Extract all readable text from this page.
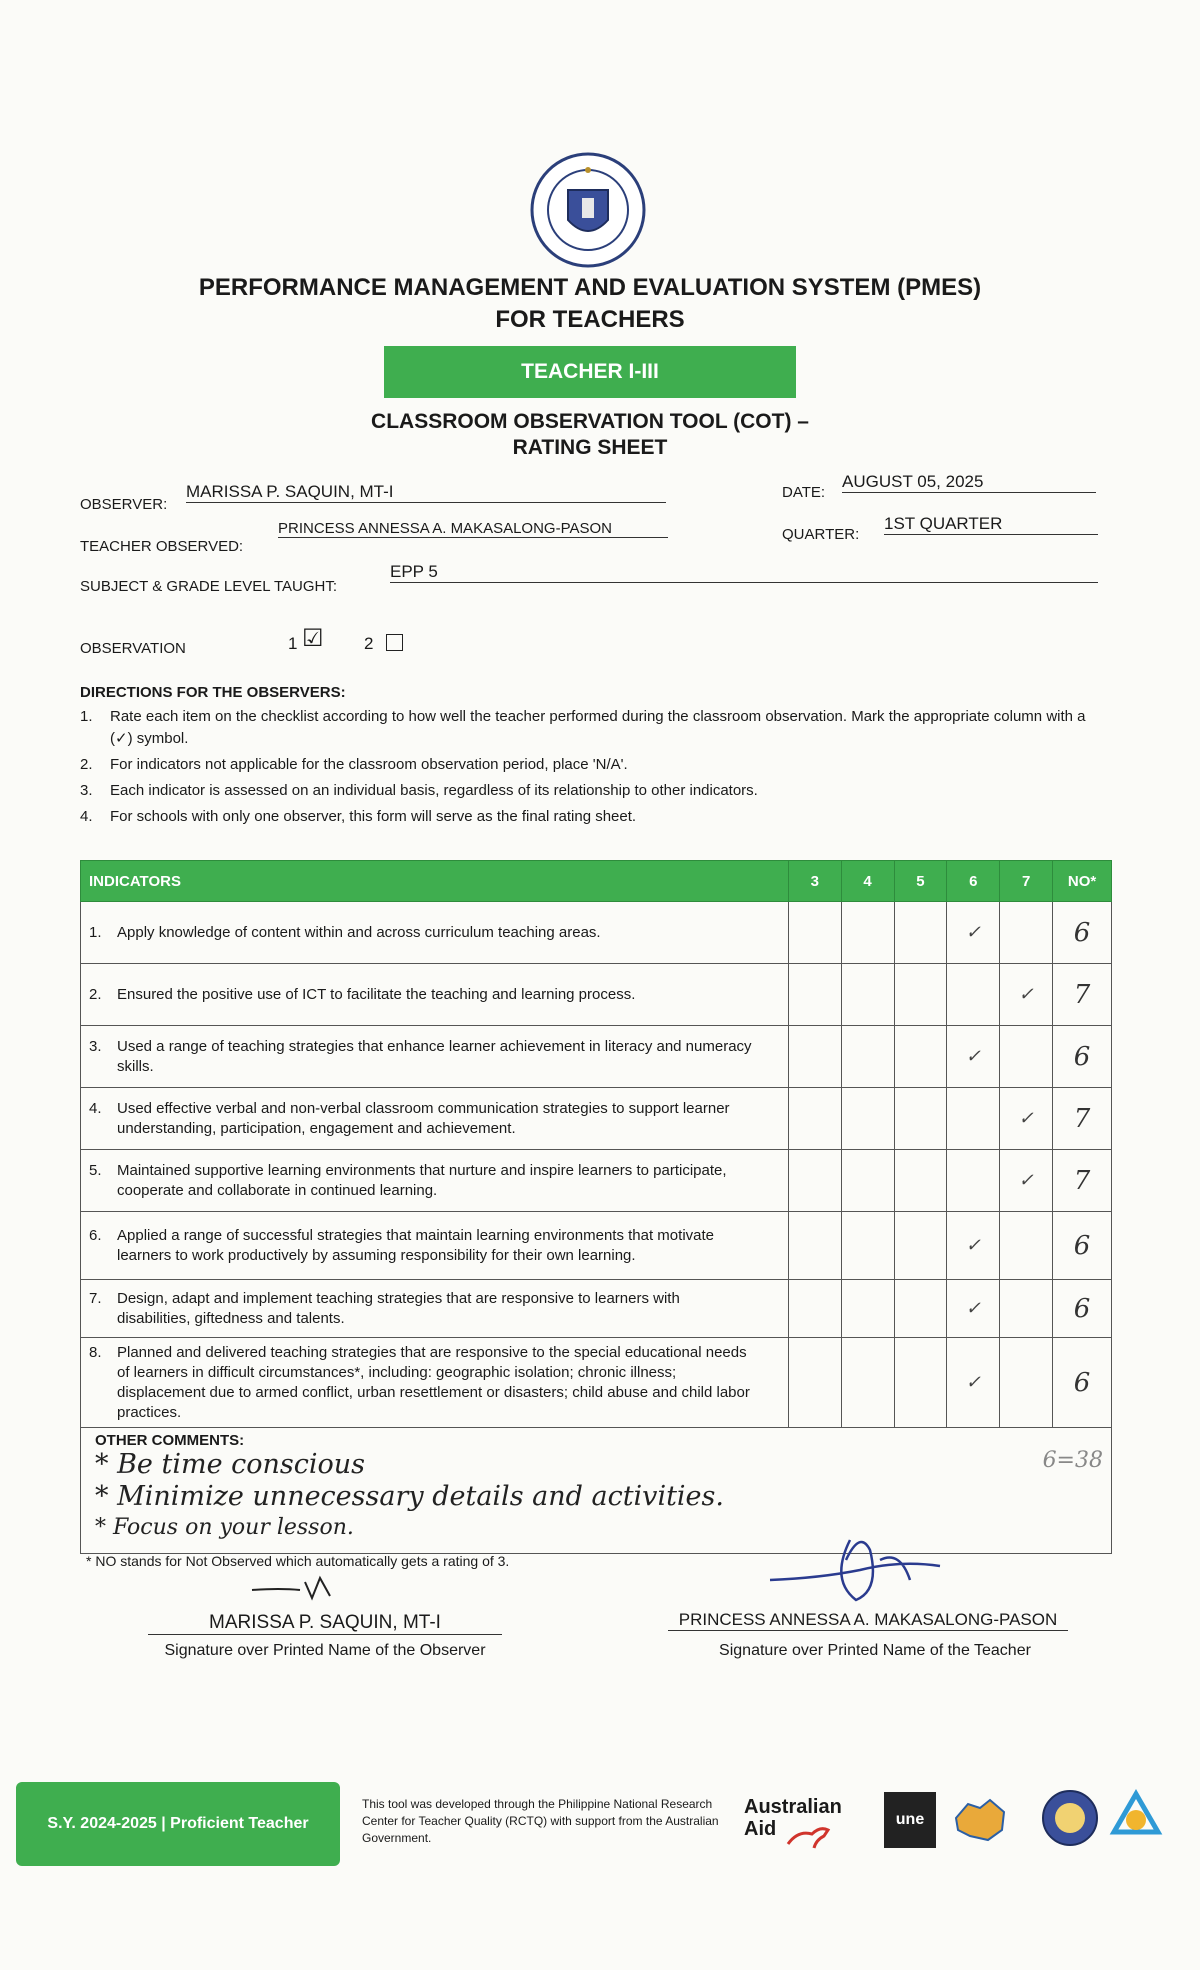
PERFORMANCE MANAGEMENT AND EVALUATION SYSTEM (PMES)
FOR TEACHERS
TEACHER I-III
CLASSROOM OBSERVATION TOOL (COT) –
RATING SHEET
OBSERVER:
MARISSA P. SAQUIN, MT-I	DATE:
AUGUST 05, 2025
TEACHER OBSERVED:
PRINCESS ANNESSA A. MAKASALONG-PASON	QUARTER:
1ST QUARTER
SUBJECT & GRADE LEVEL TAUGHT:
EPP 5
OBSERVATION	1 ☑ 2
DIRECTIONS FOR THE OBSERVERS:
1.	Rate each item on the checklist according to how well the teacher performed during the classroom observation. Mark the appropriate column with a (✓) symbol.
2.	For indicators not applicable for the classroom observation period, place 'N/A'.
3.	Each indicator is assessed on an individual basis, regardless of its relationship to other indicators.
4.	For schools with only one observer, this form will serve as the final rating sheet.
INDICATORS	3	4	5	6	7	NO*
1. Apply knowledge of content within and across curriculum teaching areas.				✓		6
2. Ensured the positive use of ICT to facilitate the teaching and learning process.					✓	7
3. Used a range of teaching strategies that enhance learner achievement in literacy and numeracy skills.				✓		6
4. Used effective verbal and non-verbal classroom communication strategies to support learner understanding, participation, engagement and achievement.					✓	7
5. Maintained supportive learning environments that nurture and inspire learners to participate, cooperate and collaborate in continued learning.					✓	7
6. Applied a range of successful strategies that maintain learning environments that motivate learners to work productively by assuming responsibility for their own learning.				✓		6
7. Design, adapt and implement teaching strategies that are responsive to learners with disabilities, giftedness and talents.				✓		6
8. Planned and delivered teaching strategies that are responsive to the special educational needs of learners in difficult circumstances*, including: geographic isolation; chronic illness; displacement due to armed conflict, urban resettlement or disasters; child abuse and child labor practices.				✓		6

OTHER COMMENTS:
* Be time conscious
* Minimize unnecessary details and activities.
* Focus on your lesson.
6=38						
* NO stands for Not Observed which automatically gets a rating of 3.
MARISSA P. SAQUIN, MT-I
Signature over Printed Name of the Observer
PRINCESS ANNESSA A. MAKASALONG-PASON
Signature over Printed Name of the Teacher
S.Y. 2024-2025 | Proficient Teacher
This tool was developed through the Philippine National Research Center for Teacher Quality (RCTQ) with support from the Australian Government.
Australian
Aid	une
